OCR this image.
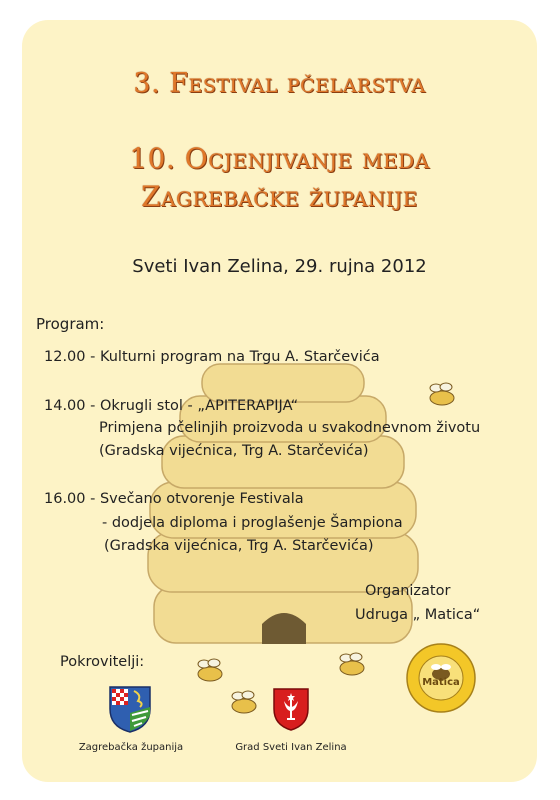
3. Festival pčelarstva
10. Ocjenjivanje meda
Zagrebačke županije
Sveti Ivan Zelina, 29. rujna 2012
Program:
12.00 - Kulturni program na Trgu A. Starčevića
14.00 - Okrugli stol - „APITERAPIJA“
Primjena pčelinjih proizvoda u svakodnevnom životu
(Gradska vijećnica, Trg A. Starčevića)
16.00 - Svečano otvorenje Festivala
- dodjela diploma i proglašenje Šampiona
(Gradska vijećnica, Trg A. Starčevića)
Organizator
Udruga „ Matica“
Pokrovitelji:
Zagrebačka županija	Grad Sveti Ivan Zelina
Matica
